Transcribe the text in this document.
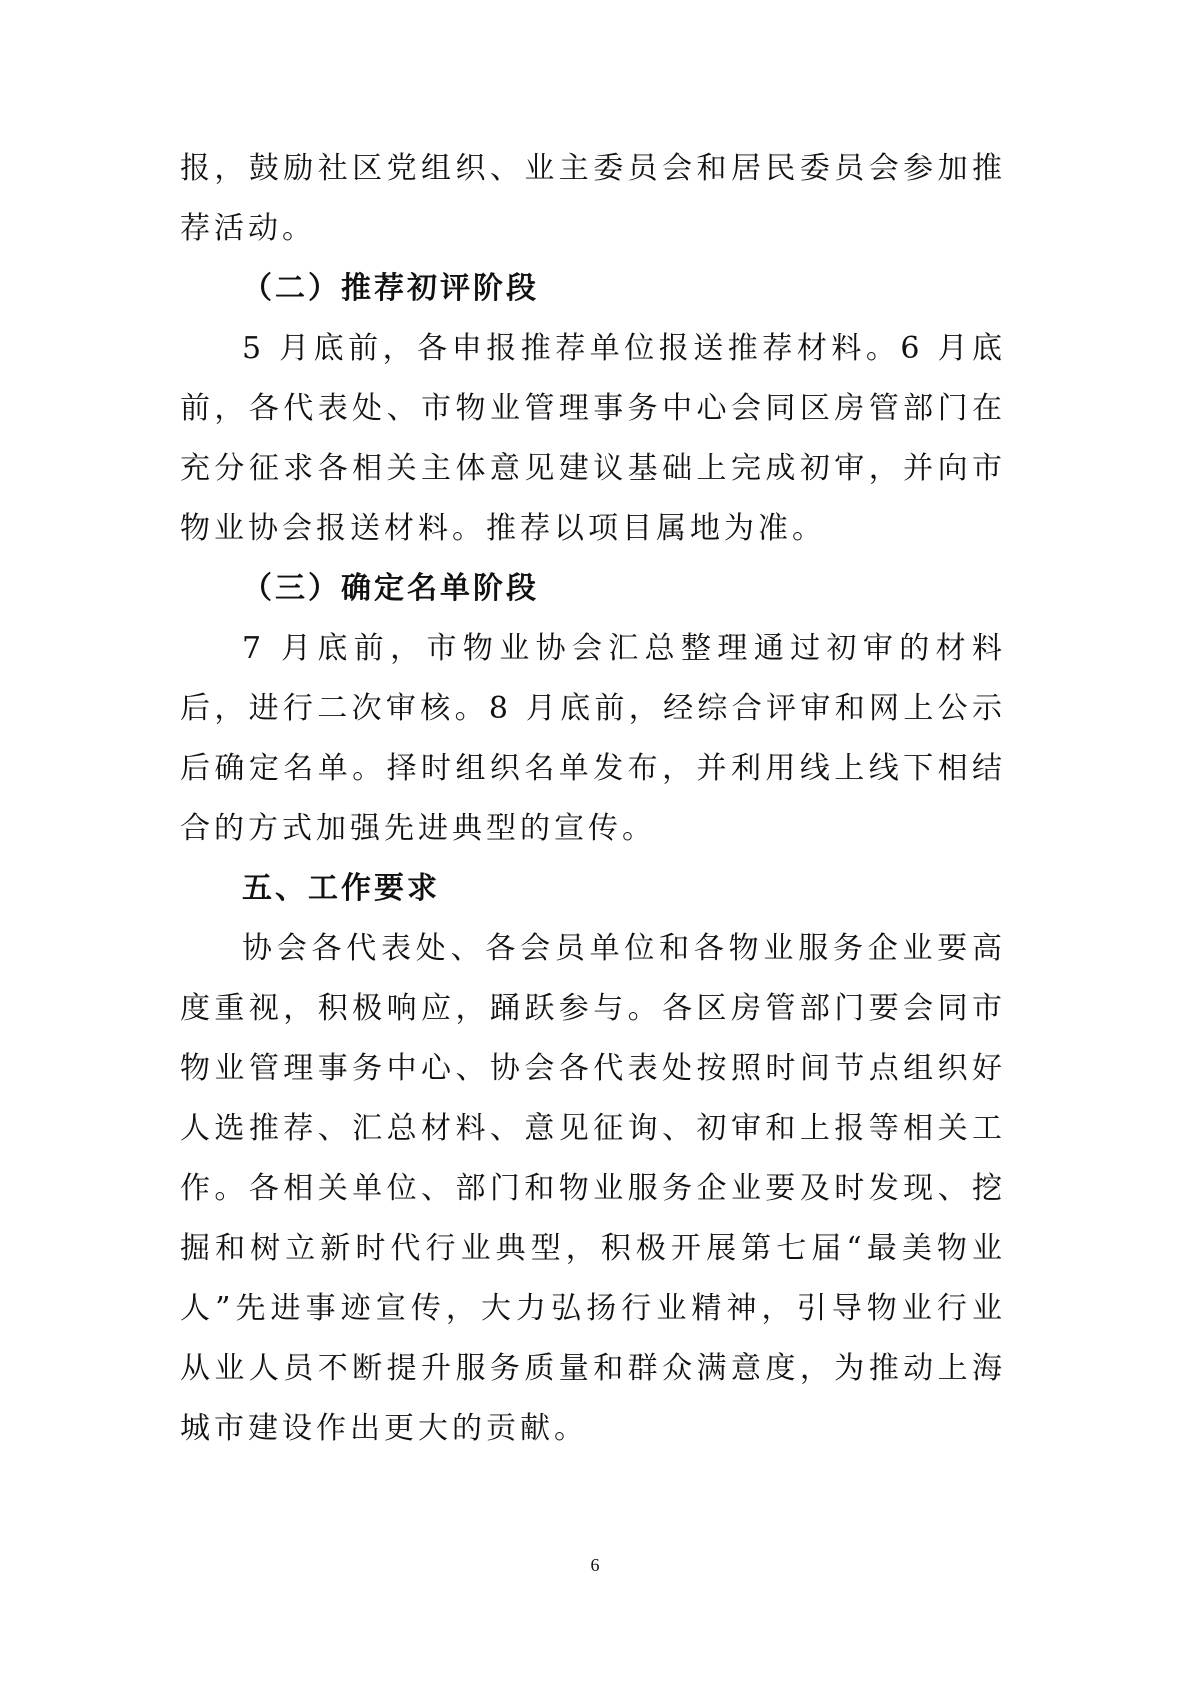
报，鼓励社区党组织、业主委员会和居民委员会参加推荐活动。

（二）推荐初评阶段

5 月底前，各申报推荐单位报送推荐材料。6 月底前，各代表处、市物业管理事务中心会同区房管部门在充分征求各相关主体意见建议基础上完成初审，并向市物业协会报送材料。推荐以项目属地为准。

（三）确定名单阶段

7 月底前，市物业协会汇总整理通过初审的材料后，进行二次审核。8 月底前，经综合评审和网上公示后确定名单。择时组织名单发布，并利用线上线下相结合的方式加强先进典型的宣传。

五、工作要求

协会各代表处、各会员单位和各物业服务企业要高度重视，积极响应，踊跃参与。各区房管部门要会同市物业管理事务中心、协会各代表处按照时间节点组织好人选推荐、汇总材料、意见征询、初审和上报等相关工作。各相关单位、部门和物业服务企业要及时发现、挖掘和树立新时代行业典型，积极开展第七届“最美物业人”先进事迹宣传，大力弘扬行业精神，引导物业行业从业人员不断提升服务质量和群众满意度，为推动上海城市建设作出更大的贡献。

6
